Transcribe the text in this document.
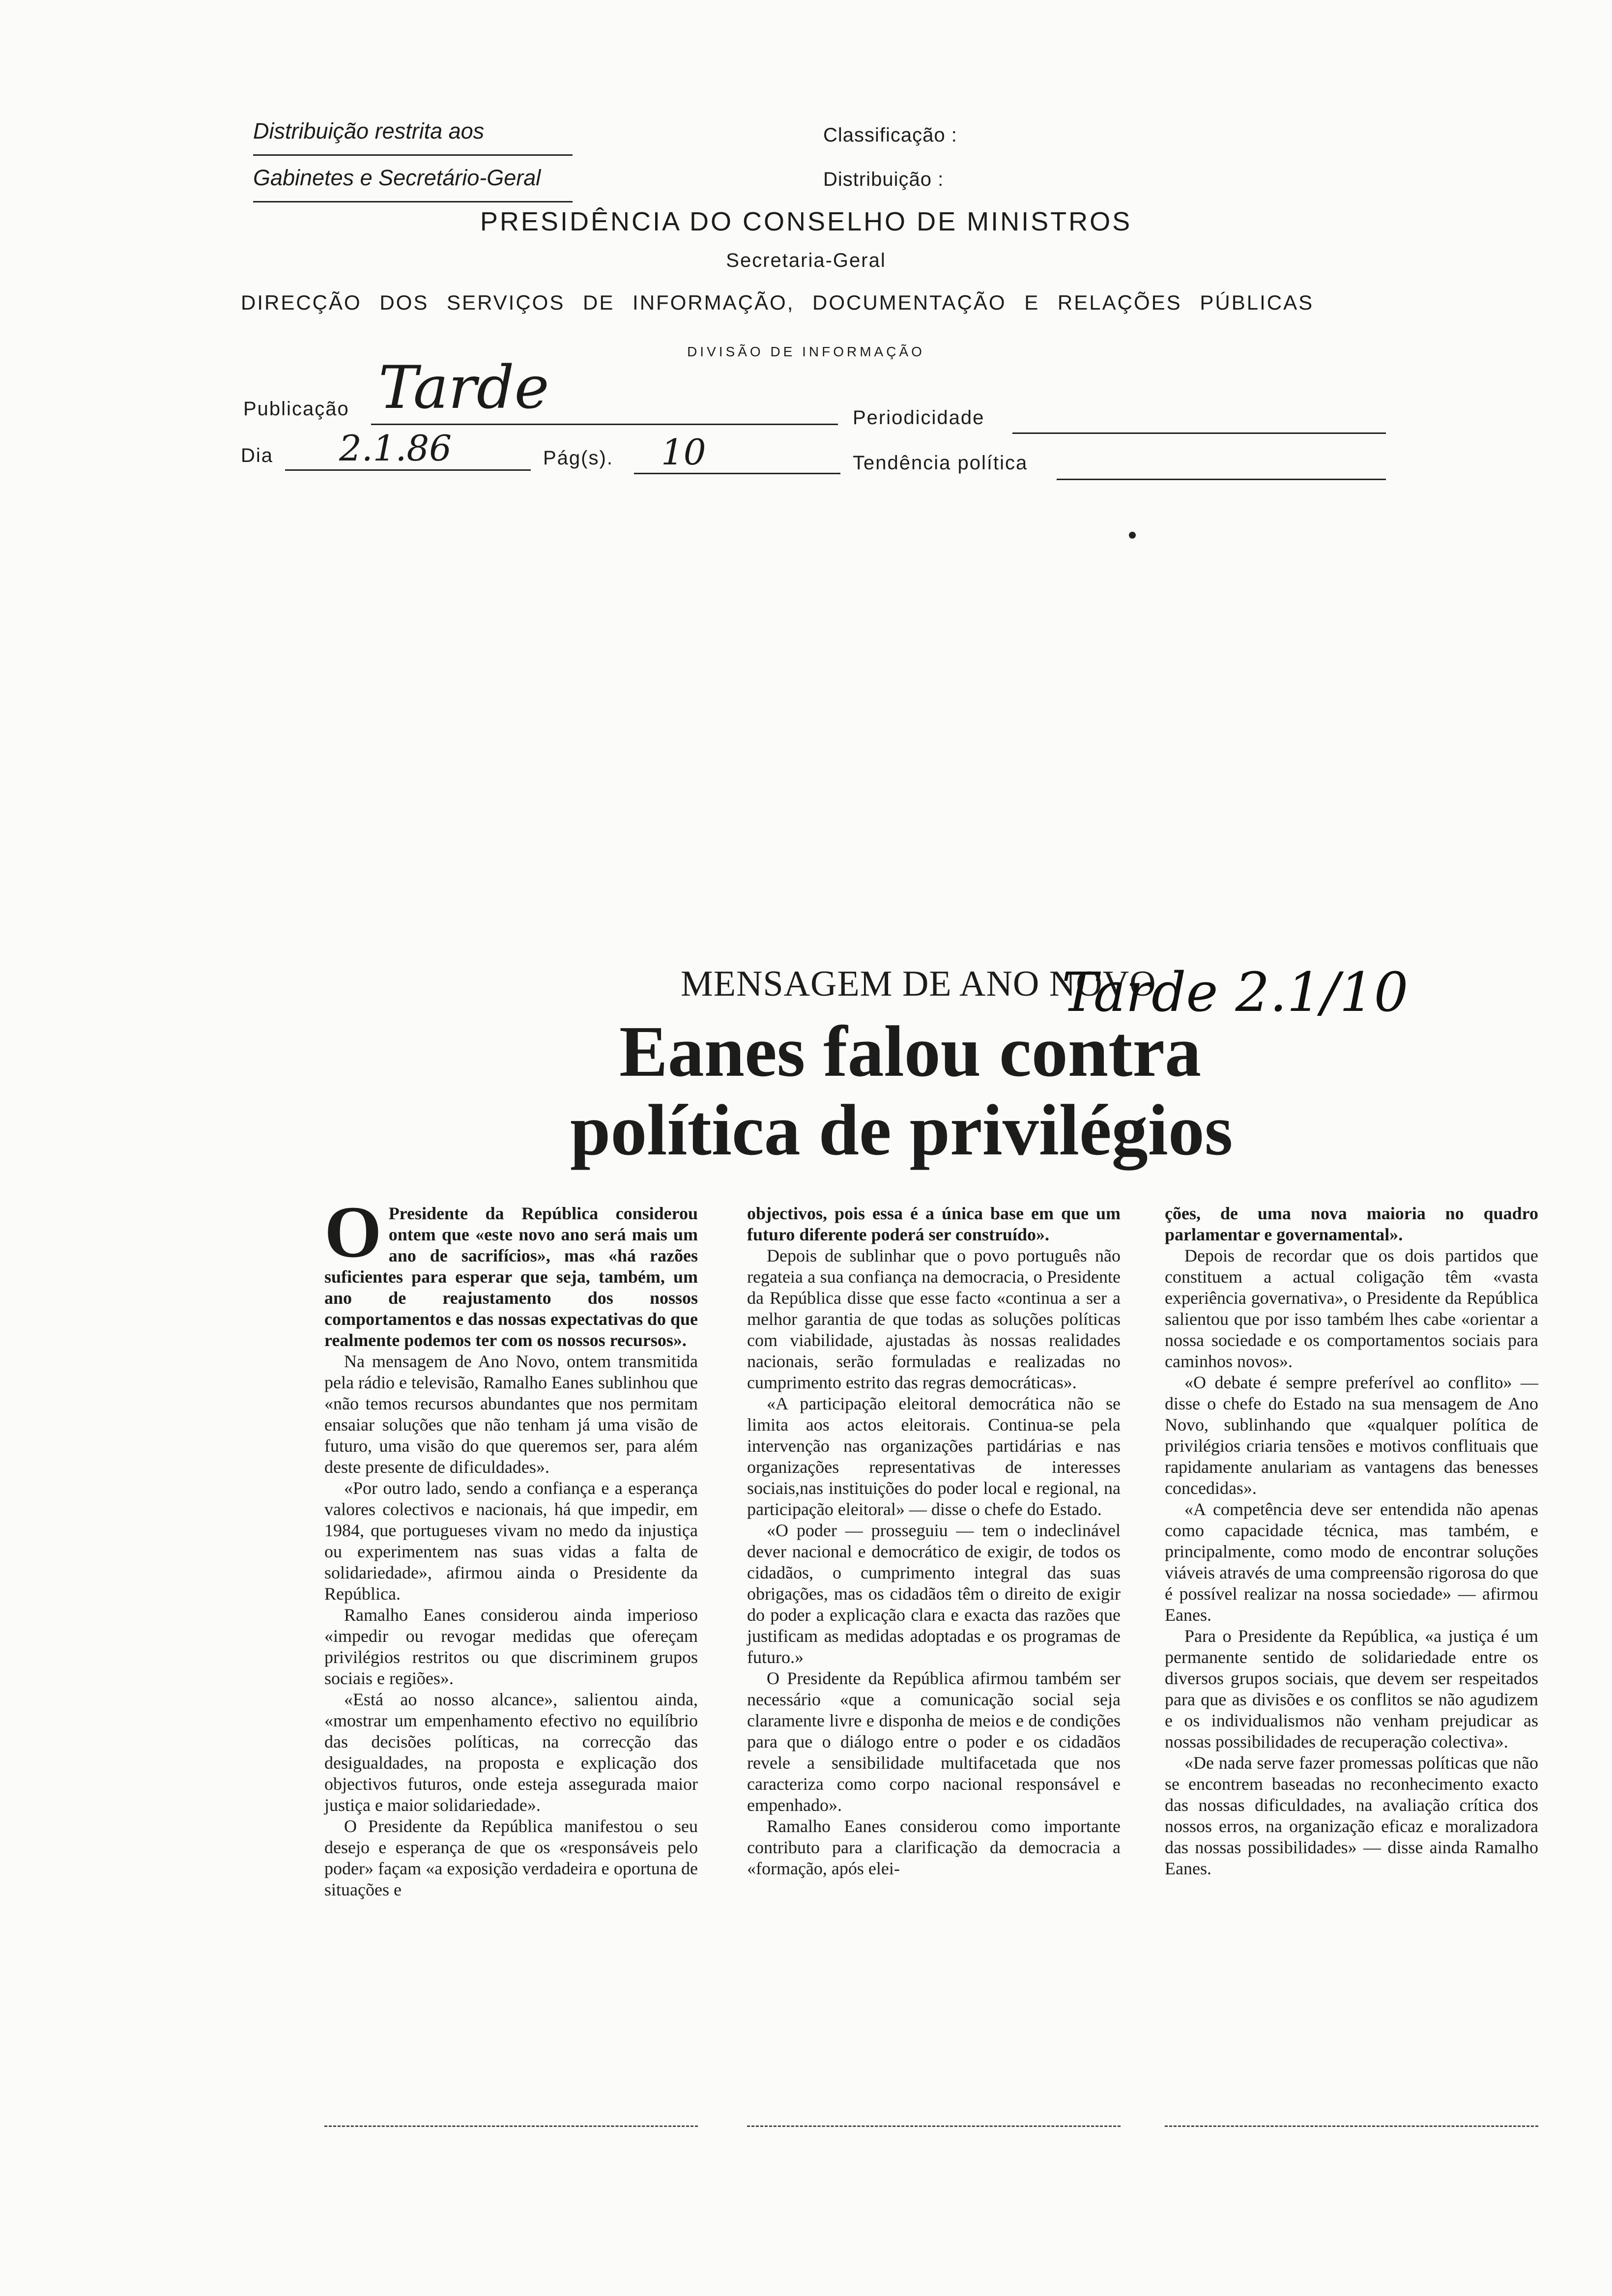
Distribuição restrita aos
Gabinetes e Secretário-Geral
Classificação :
Distribuição :
PRESIDÊNCIA DO CONSELHO DE MINISTROS
Secretaria-Geral
DIRECÇÃO DOS SERVIÇOS DE INFORMAÇÃO, DOCUMENTAÇÃO E RELAÇÕES PÚBLICAS
DIVISÃO DE INFORMAÇÃO
Publicação Tarde	Periodicidade
Dia 2.1.86	Pág(s). 10	Tendência política
MENSAGEM DE ANO NOVO
Tarde 2.1/10
Eanes falou contra
política de privilégios

O Presidente da República considerou ontem que «este novo ano será mais um ano de sacrifícios», mas «há razões suficientes para esperar que seja, também, um ano de reajustamento dos nossos comportamentos e das nossas expectativas do que realmente podemos ter com os nossos recursos».

Na mensagem de Ano Novo, ontem transmitida pela rádio e televisão, Ramalho Eanes sublinhou que «não temos recursos abundantes que nos permitam ensaiar soluções que não tenham já uma visão de futuro, uma visão do que queremos ser, para além deste presente de dificuldades».

«Por outro lado, sendo a confiança e a esperança valores colectivos e nacionais, há que impedir, em 1984, que portugueses vivam no medo da injustiça ou experimentem nas suas vidas a falta de solidariedade», afirmou ainda o Presidente da República.

Ramalho Eanes considerou ainda imperioso «impedir ou revogar medidas que ofereçam privilégios restritos ou que discriminem grupos sociais e regiões».

«Está ao nosso alcance», salientou ainda, «mostrar um empenhamento efectivo no equilíbrio das decisões políticas, na correcção das desigualdades, na proposta e explicação dos objectivos futuros, onde esteja assegurada maior justiça e maior solidariedade».

O Presidente da República manifestou o seu desejo e esperança de que os «responsáveis pelo poder» façam «a exposição verdadeira e oportuna de situações e

objectivos, pois essa é a única base em que um futuro diferente poderá ser construído».

Depois de sublinhar que o povo português não regateia a sua confiança na democracia, o Presidente da República disse que esse facto «continua a ser a melhor garantia de que todas as soluções políticas com viabilidade, ajustadas às nossas realidades nacionais, serão formuladas e realizadas no cumprimento estrito das regras democráticas».

«A participação eleitoral democrática não se limita aos actos eleitorais. Continua-se pela intervenção nas organizações partidárias e nas organizações representativas de interesses sociais,nas instituições do poder local e regional, na participação eleitoral» — disse o chefe do Estado.

«O poder — prosseguiu — tem o indeclinável dever nacional e democrático de exigir, de todos os cidadãos, o cumprimento integral das suas obrigações, mas os cidadãos têm o direito de exigir do poder a explicação clara e exacta das razões que justificam as medidas adoptadas e os programas de futuro.»

O Presidente da República afirmou também ser necessário «que a comunicação social seja claramente livre e disponha de meios e de condições para que o diálogo entre o poder e os cidadãos revele a sensibilidade multifacetada que nos caracteriza como corpo nacional responsável e empenhado».

Ramalho Eanes considerou como importante contributo para a clarificação da democracia a «formação, após elei-

ções, de uma nova maioria no quadro parlamentar e governamental».

Depois de recordar que os dois partidos que constituem a actual coligação têm «vasta experiência governativa», o Presidente da República salientou que por isso também lhes cabe «orientar a nossa sociedade e os comportamentos sociais para caminhos novos».

«O debate é sempre preferível ao conflito» — disse o chefe do Estado na sua mensagem de Ano Novo, sublinhando que «qualquer política de privilégios criaria tensões e motivos conflituais que rapidamente anulariam as vantagens das benesses concedidas».

«A competência deve ser entendida não apenas como capacidade técnica, mas também, e principalmente, como modo de encontrar soluções viáveis através de uma compreensão rigorosa do que é possível realizar na nossa sociedade» — afirmou Eanes.

Para o Presidente da República, «a justiça é um permanente sentido de solidariedade entre os diversos grupos sociais, que devem ser respeitados para que as divisões e os conflitos se não agudizem e os individualismos não venham prejudicar as nossas possibilidades de recuperação colectiva».

«De nada serve fazer promessas políticas que não se encontrem baseadas no reconhecimento exacto das nossas dificuldades, na avaliação crítica dos nossos erros, na organização eficaz e moralizadora das nossas possibilidades» — disse ainda Ramalho Eanes.
